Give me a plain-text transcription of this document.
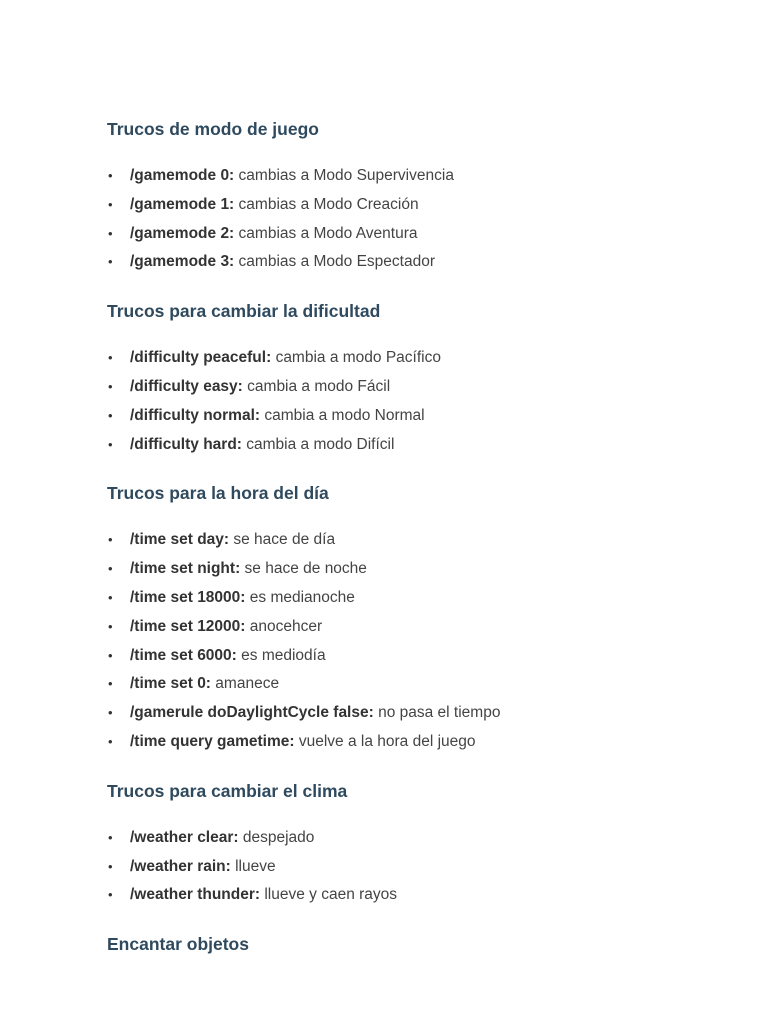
Trucos de modo de juego
• /gamemode 0: cambias a Modo Supervivencia
• /gamemode 1: cambias a Modo Creación
• /gamemode 2: cambias a Modo Aventura
• /gamemode 3: cambias a Modo Espectador
Trucos para cambiar la dificultad
• /difficulty peaceful: cambia a modo Pacífico
• /difficulty easy: cambia a modo Fácil
• /difficulty normal: cambia a modo Normal
• /difficulty hard: cambia a modo Difícil
Trucos para la hora del día
• /time set day: se hace de día
• /time set night: se hace de noche
• /time set 18000: es medianoche
• /time set 12000: anocehcer
• /time set 6000: es mediodía
• /time set 0: amanece
• /gamerule doDaylightCycle false: no pasa el tiempo
• /time query gametime: vuelve a la hora del juego
Trucos para cambiar el clima
• /weather clear: despejado
• /weather rain: llueve
• /weather thunder: llueve y caen rayos
Encantar objetos
